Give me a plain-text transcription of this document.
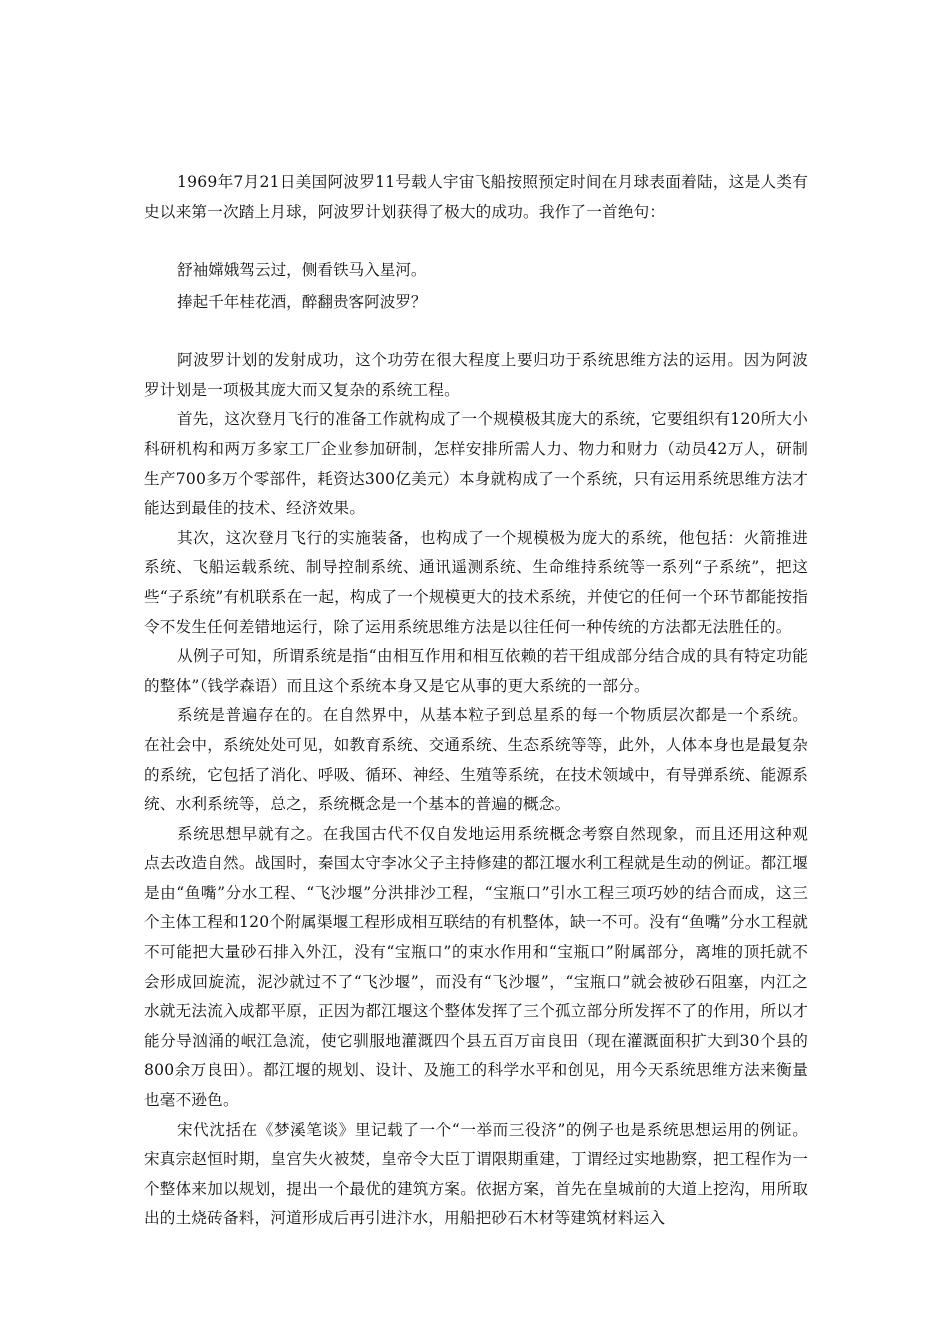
1969年7月21日美国阿波罗11号载人宇宙飞船按照预定时间在月球表面着陆，这是人类有史以来第一次踏上月球，阿波罗计划获得了极大的成功。我作了一首绝句：

舒袖嫦娥驾云过，侧看铁马入星河。
捧起千年桂花酒，醉翻贵客阿波罗？

阿波罗计划的发射成功，这个功劳在很大程度上要归功于系统思维方法的运用。因为阿波罗计划是一项极其庞大而又复杂的系统工程。

首先，这次登月飞行的准备工作就构成了一个规模极其庞大的系统，它要组织有120所大小科研机构和两万多家工厂企业参加研制，怎样安排所需人力、物力和财力（动员42万人，研制生产700多万个零部件，耗资达300亿美元）本身就构成了一个系统，只有运用系统思维方法才能达到最佳的技术、经济效果。

其次，这次登月飞行的实施装备，也构成了一个规模极为庞大的系统，他包括：火箭推进系统、飞船运载系统、制导控制系统、通讯遥测系统、生命维持系统等一系列“子系统”，把这些“子系统”有机联系在一起，构成了一个规模更大的技术系统，并使它的任何一个环节都能按指令不发生任何差错地运行，除了运用系统思维方法是以往任何一种传统的方法都无法胜任的。

从例子可知，所谓系统是指“由相互作用和相互依赖的若干组成部分结合成的具有特定功能的整体”（钱学森语）而且这个系统本身又是它从事的更大系统的一部分。

系统是普遍存在的。在自然界中，从基本粒子到总星系的每一个物质层次都是一个系统。在社会中，系统处处可见，如教育系统、交通系统、生态系统等等，此外，人体本身也是最复杂的系统，它包括了消化、呼吸、循环、神经、生殖等系统，在技术领域中，有导弹系统、能源系统、水利系统等，总之，系统概念是一个基本的普遍的概念。

系统思想早就有之。在我国古代不仅自发地运用系统概念考察自然现象，而且还用这种观点去改造自然。战国时，秦国太守李冰父子主持修建的都江堰水利工程就是生动的例证。都江堰是由“鱼嘴”分水工程、“飞沙堰”分洪排沙工程，“宝瓶口”引水工程三项巧妙的结合而成，这三个主体工程和120个附属渠堰工程形成相互联结的有机整体，缺一不可。没有“鱼嘴”分水工程就不可能把大量砂石排入外江，没有“宝瓶口”的束水作用和“宝瓶口”附属部分，离堆的顶托就不会形成回旋流，泥沙就过不了“飞沙堰”，而没有“飞沙堰”，“宝瓶口”就会被砂石阻塞，内江之水就无法流入成都平原，正因为都江堰这个整体发挥了三个孤立部分所发挥不了的作用，所以才能分导汹涌的岷江急流，使它驯服地灌溉四个县五百万亩良田（现在灌溉面积扩大到30个县的800余万良田）。都江堰的规划、设计、及施工的科学水平和创见，用今天系统思维方法来衡量也毫不逊色。

宋代沈括在《梦溪笔谈》里记载了一个“一举而三役济”的例子也是系统思想运用的例证。宋真宗赵恒时期，皇宫失火被焚，皇帝令大臣丁谓限期重建，丁谓经过实地勘察，把工程作为一个整体来加以规划，提出一个最优的建筑方案。依据方案，首先在皇城前的大道上挖沟，用所取出的土烧砖备料，河道形成后再引进汴水，用船把砂石木材等建筑材料运入
